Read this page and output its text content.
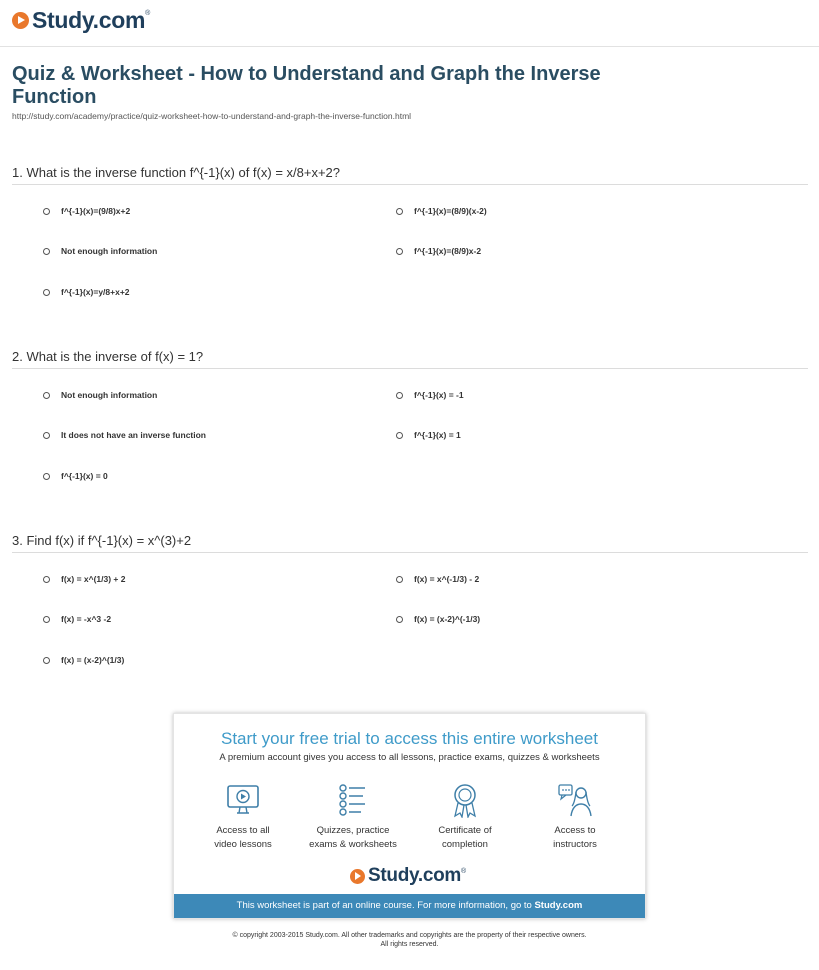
Study.com ®
Quiz & Worksheet - How to Understand and Graph the Inverse Function
http://study.com/academy/practice/quiz-worksheet-how-to-understand-and-graph-the-inverse-function.html
1. What is the inverse function f^{-1}(x) of f(x) = x/8+x+2?
f^{-1}(x)=(9/8)x+2	f^{-1}(x)=(8/9)(x-2)
Not enough information	f^{-1}(x)=(8/9)x-2
f^{-1}(x)=y/8+x+2
2. What is the inverse of f(x) = 1?
Not enough information	f^{-1}(x) = -1
It does not have an inverse function	f^{-1}(x) = 1
f^{-1}(x) = 0
3. Find f(x) if f^{-1}(x) = x^(3)+2
f(x) = x^(1/3) + 2	f(x) = x^(-1/3) - 2
f(x) = -x^3 -2	f(x) = (x-2)^(-1/3)
f(x) = (x-2)^(1/3)
Start your free trial to access this entire worksheet
A premium account gives you access to all lessons, practice exams, quizzes & worksheets
Access to all
video lessons
Quizzes, practice
exams & worksheets
Certificate of
completion
Access to
instructors
Study.com ®
This worksheet is part of an online course. For more information, go to Study.com
© copyright 2003-2015 Study.com. All other trademarks and copyrights are the property of their respective owners.
All rights reserved.
